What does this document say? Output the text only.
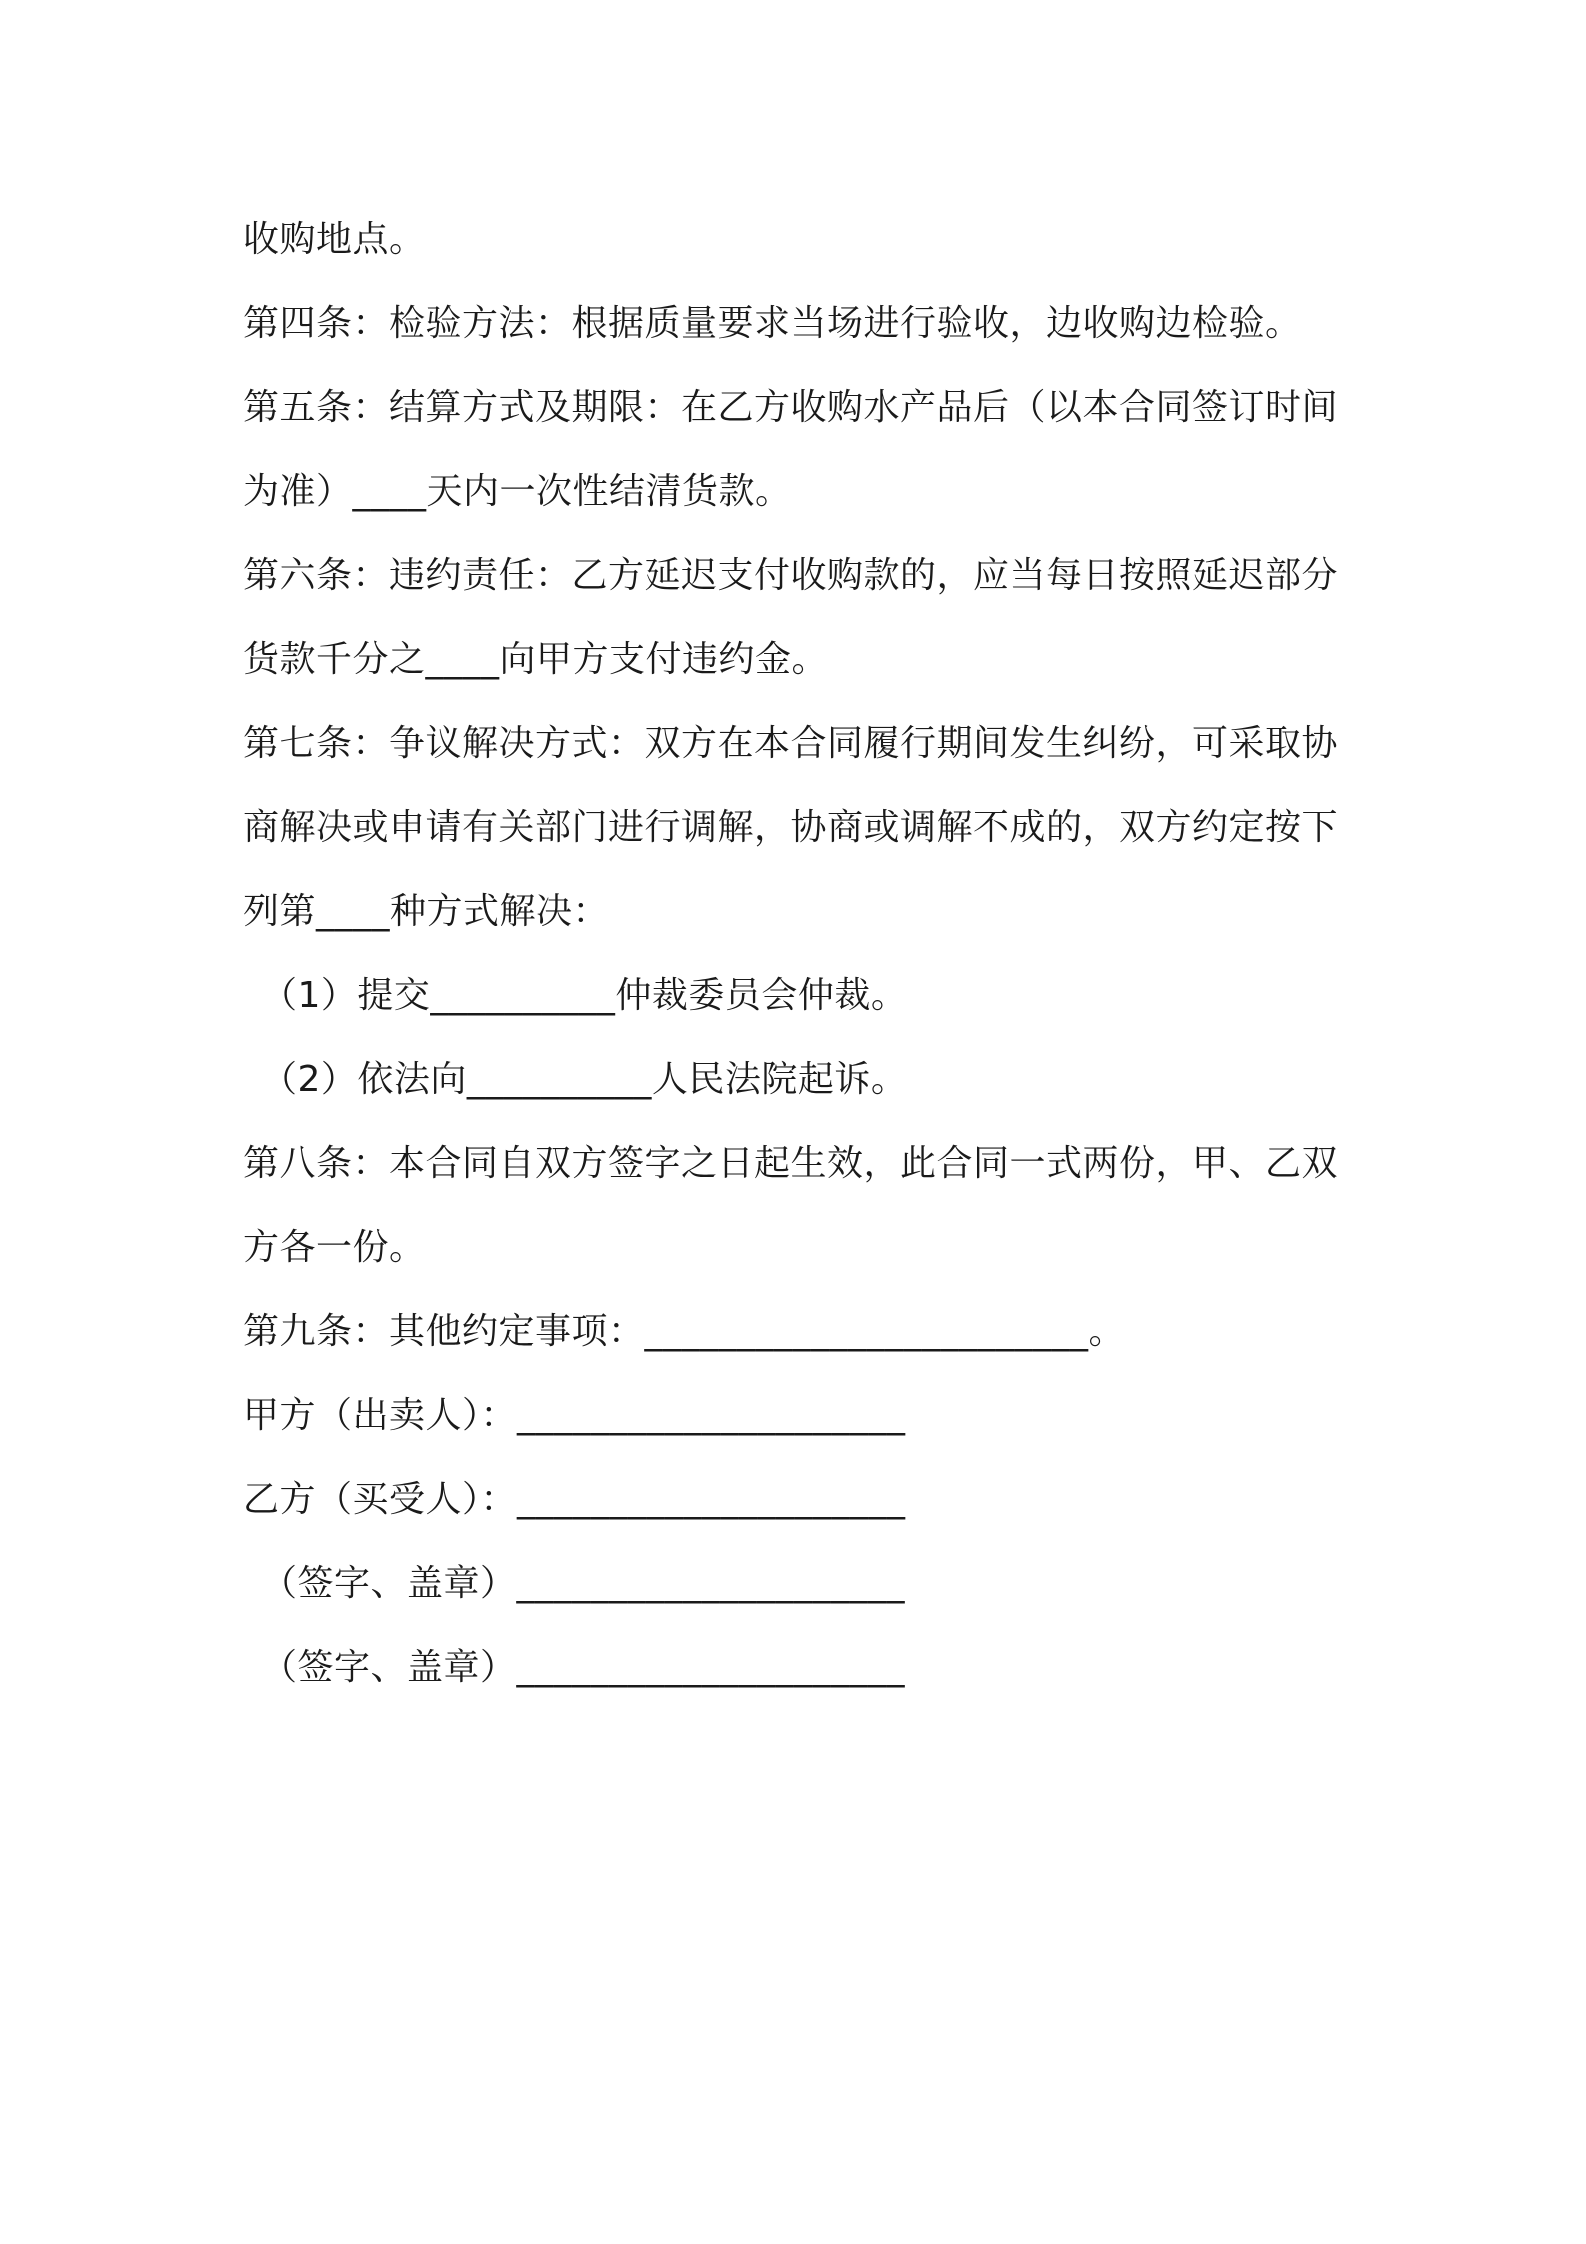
收购地点。
第四条：检验方法：根据质量要求当场进行验收，边收购边检验。
第五条：结算方式及期限：在乙方收购水产品后（以本合同签订时间
为准）____天内一次性结清货款。
第六条：违约责任：乙方延迟支付收购款的，应当每日按照延迟部分
货款千分之____向甲方支付违约金。
第七条：争议解决方式：双方在本合同履行期间发生纠纷，可采取协
商解决或申请有关部门进行调解，协商或调解不成的，双方约定按下
列第____种方式解决：
（1）提交__________仲裁委员会仲裁。
（2）依法向__________人民法院起诉。
第八条：本合同自双方签字之日起生效，此合同一式两份，甲、乙双
方各一份。
第九条：其他约定事项：________________________。
甲方（出卖人）：_____________________
乙方（买受人）：_____________________
（签字、盖章）_____________________
（签字、盖章）_____________________
